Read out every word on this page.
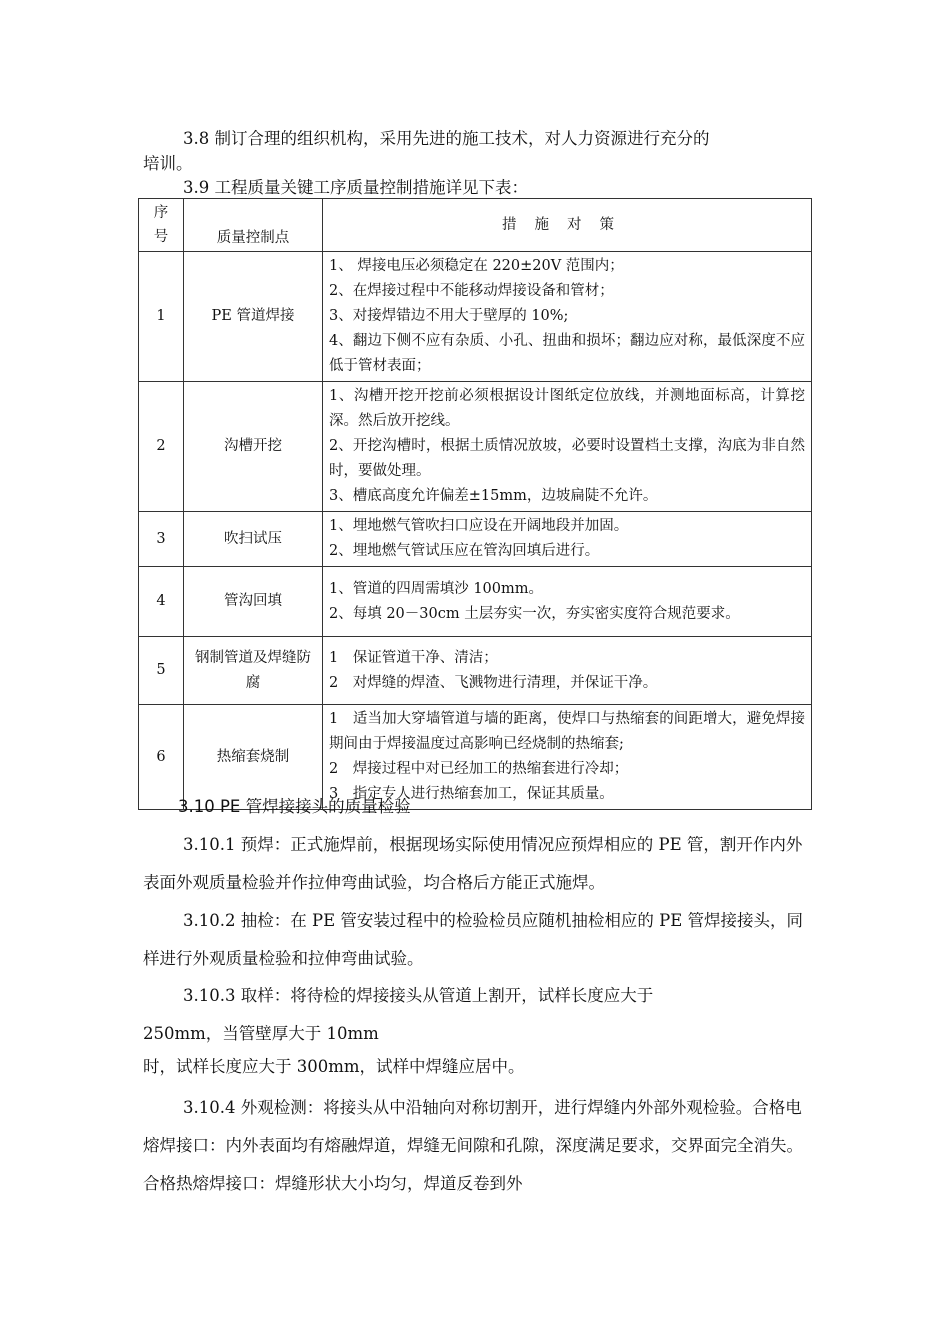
3.8 制订合理的组织机构，采用先进的施工技术，对人力资源进行充分的
培训。
3.9 工程质量关键工序质量控制措施详见下表：
序
号	质量控制点	措施对策
1	PE 管道焊接	1、 焊接电压必须稳定在 220±20V 范围内；
2、在焊接过程中不能移动焊接设备和管材；
3、对接焊错边不用大于壁厚的 10%;
4、翻边下侧不应有杂质、小孔、扭曲和损坏；翻边应对称，最低深度不应低于管材表面；

2	沟槽开挖	1、沟槽开挖开挖前必须根据设计图纸定位放线，并测地面标高，计算挖深。然后放开挖线。
2、开挖沟槽时，根据土质情况放坡，必要时设置档土支撑，沟底为非自然时，要做处理。
3、槽底高度允许偏差±15mm，边坡扁陡不允许。

3	吹扫试压	1、埋地燃气管吹扫口应设在开阔地段并加固。
2、埋地燃气管试压应在管沟回填后进行。

4	管沟回填	1、管道的四周需填沙 100mm。
2、每填 20－30cm 土层夯实一次，夯实密实度符合规范要求。

5	钢制管道及焊缝防腐	1　保证管道干净、清洁；
2　对焊缝的焊渣、飞溅物进行清理，并保证干净。

6	热缩套烧制	1　适当加大穿墙管道与墙的距离，使焊口与热缩套的间距增大，避免焊接期间由于焊接温度过高影响已经烧制的热缩套;
2　焊接过程中对已经加工的热缩套进行冷却；
3　指定专人进行热缩套加工，保证其质量。
3.10 PE 管焊接接头的质量检验
3.10.1 预焊：正式施焊前，根据现场实际使用情况应预焊相应的 PE 管，割开作内外表面外观质量检验并作拉伸弯曲试验，均合格后方能正式施焊。
3.10.2 抽检：在 PE 管安装过程中的检验检员应随机抽检相应的 PE 管焊接接头，同样进行外观质量检验和拉伸弯曲试验。
3.10.3 取样：将待检的焊接接头从管道上割开，试样长度应大于
250mm，当管壁厚大于 10mm
时，试样长度应大于 300mm，试样中焊缝应居中。
3.10.4 外观检测：将接头从中沿轴向对称切割开，进行焊缝内外部外观检验。合格电熔焊接口：内外表面均有熔融焊道，焊缝无间隙和孔隙，深度满足要求，交界面完全消失。合格热熔焊接口：焊缝形状大小均匀，焊道反卷到外
